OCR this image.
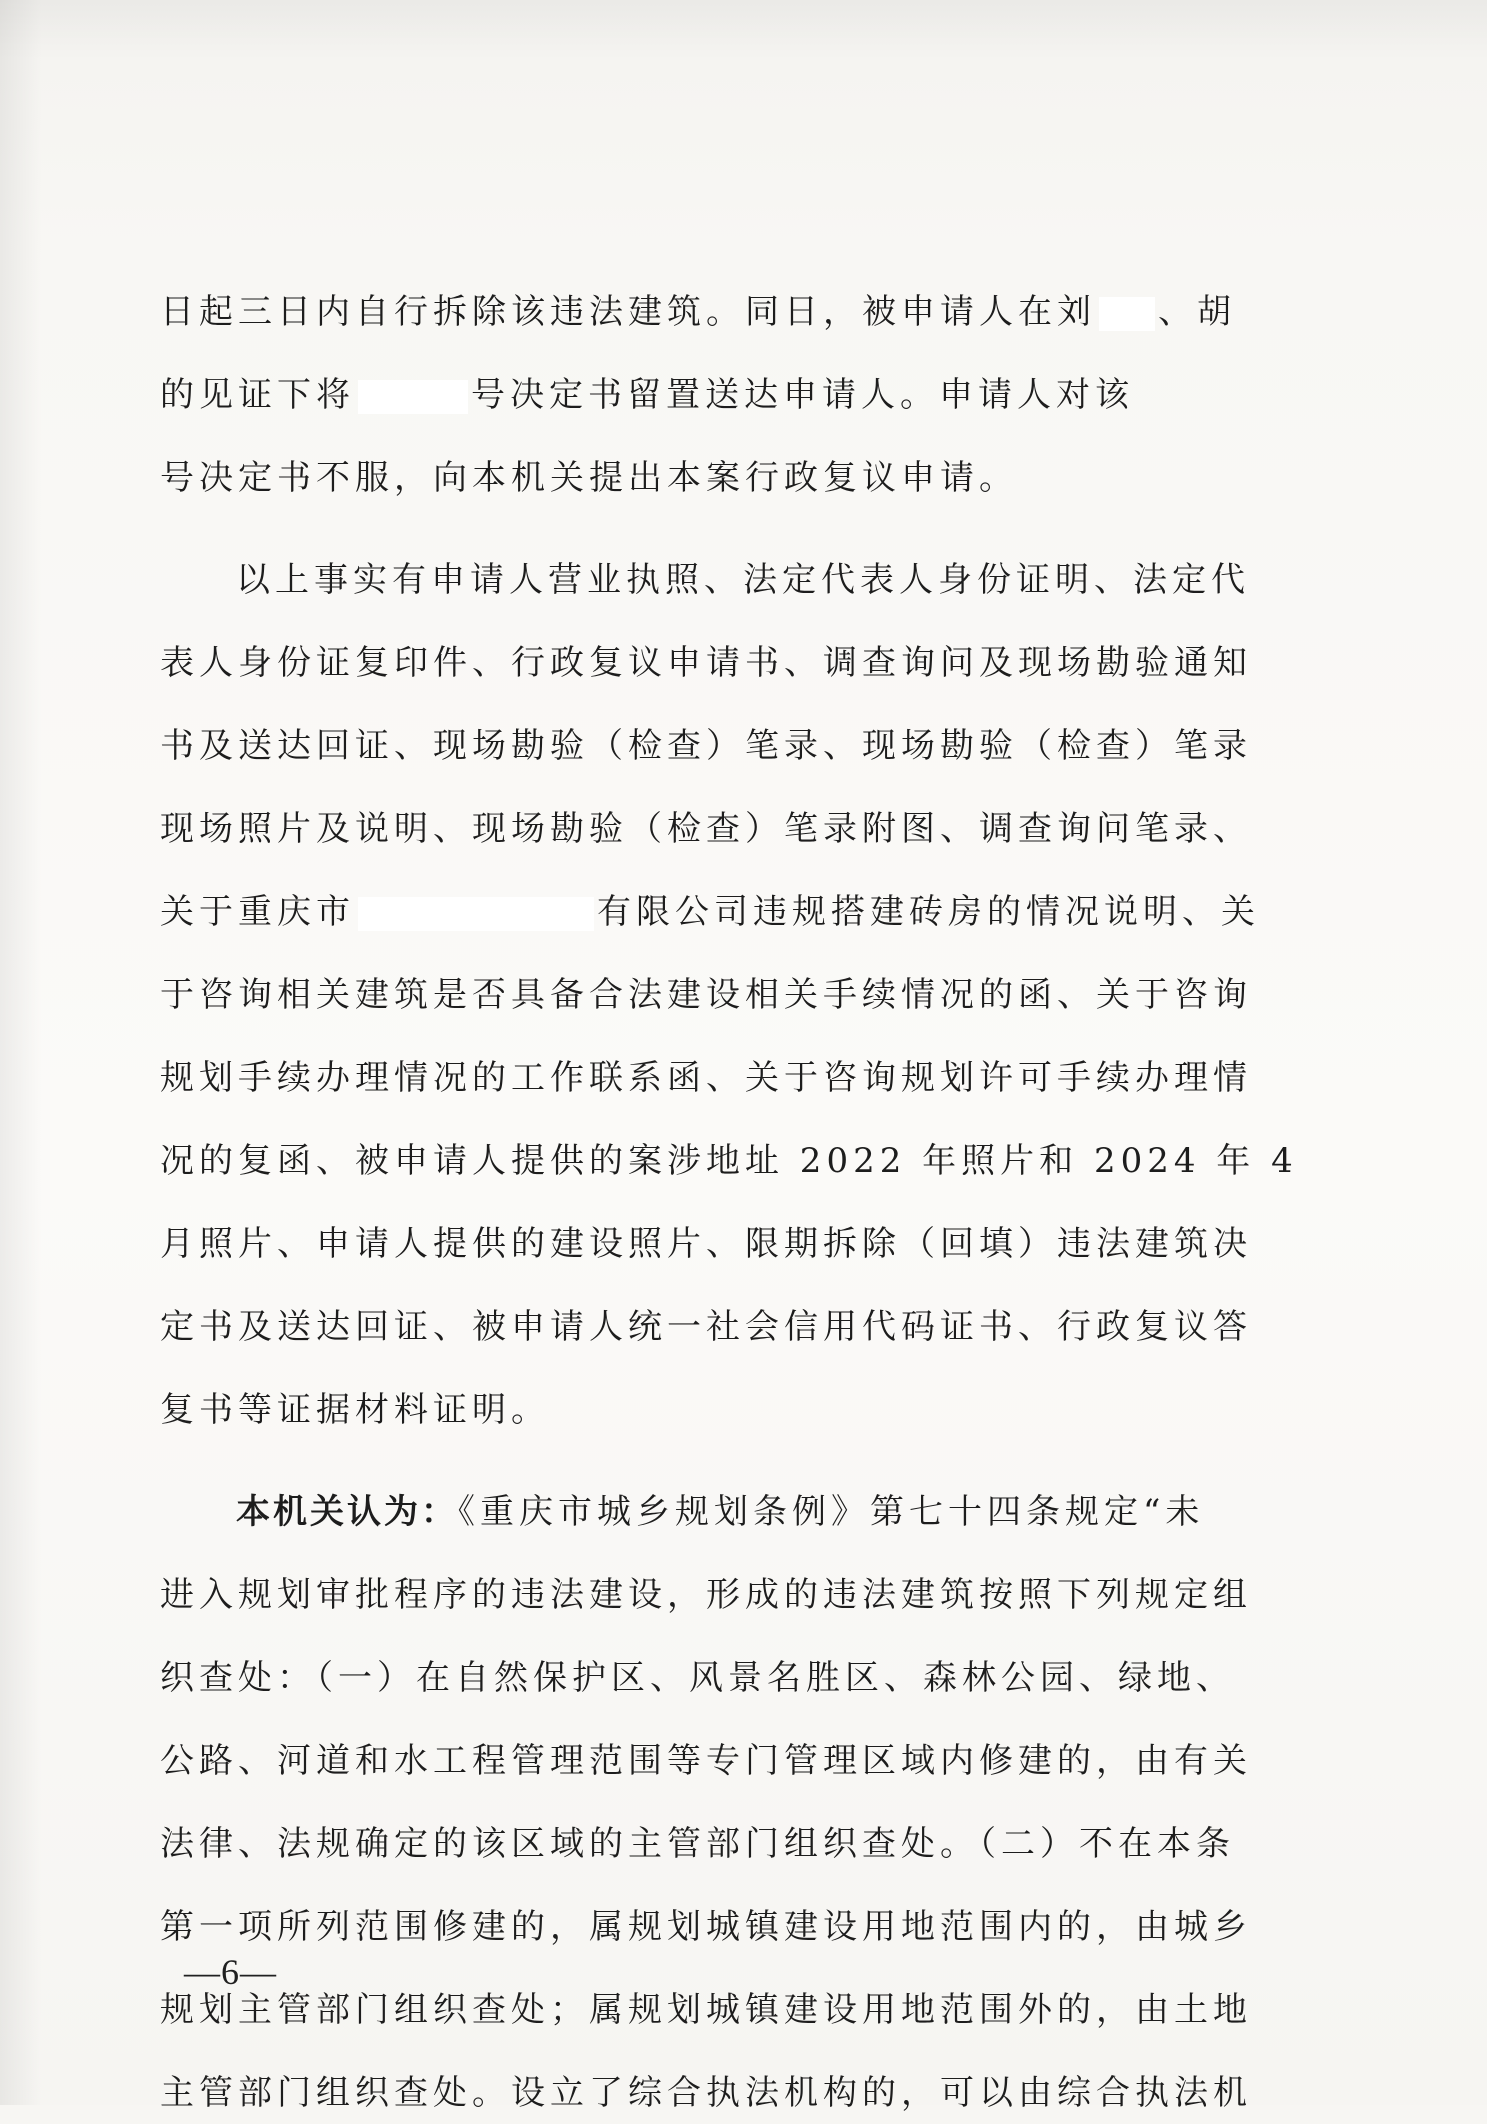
日起三日内自行拆除该违法建筑。同日，被申请人在刘 、胡
的见证下将	号决定书留置送达申请人。申请人对该
号决定书不服，向本机关提出本案行政复议申请。
以上事实有申请人营业执照、法定代表人身份证明、法定代
表人身份证复印件、行政复议申请书、调查询问及现场勘验通知
书及送达回证、现场勘验（检查）笔录、现场勘验（检查）笔录
现场照片及说明、现场勘验（检查）笔录附图、调查询问笔录、
关于重庆市	有限公司违规搭建砖房的情况说明、关
于咨询相关建筑是否具备合法建设相关手续情况的函、关于咨询
规划手续办理情况的工作联系函、关于咨询规划许可手续办理情
况的复函、被申请人提供的案涉地址 2022 年照片和 2024 年 4
月照片、申请人提供的建设照片、限期拆除（回填）违法建筑决
定书及送达回证、被申请人统一社会信用代码证书、行政复议答
复书等证据材料证明。
本机关认为：《重庆市城乡规划条例》第七十四条规定“未
进入规划审批程序的违法建设，形成的违法建筑按照下列规定组
织查处：（一）在自然保护区、风景名胜区、森林公园、绿地、
公路、河道和水工程管理范围等专门管理区域内修建的，由有关
法律、法规确定的该区域的主管部门组织查处。（二）不在本条
第一项所列范围修建的，属规划城镇建设用地范围内的，由城乡
规划主管部门组织查处；属规划城镇建设用地范围外的，由土地
主管部门组织查处。设立了综合执法机构的，可以由综合执法机
—6—
